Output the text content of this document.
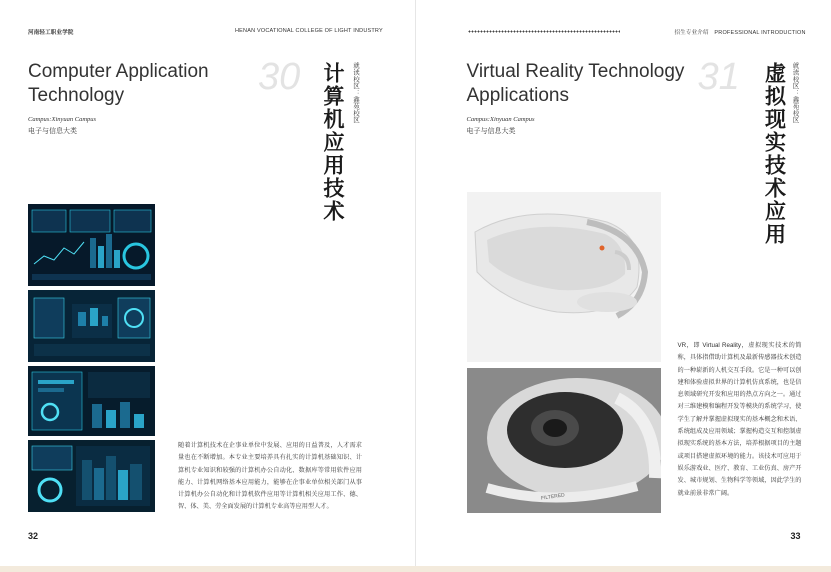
河南轻工职业学院	HENAN VOCATIONAL COLLEGE OF LIGHT INDUSTRY
Computer Application
Technology	30
Campus:Xinyuan Campus
电子与信息大类	计算机应用技术 就读校区：鑫苑校区
随着计算机技术在企事业单位中发展、应用的日益普及，人才需求量也在不断增加。本专业主要培养具有扎实的计算机基础知识、计算机专业知识和较强的计算机办公自动化、数据库等常用软件应用能力、计算机网络基本应用能力，能够在企事业单位相关部门从事计算机办公自动化和计算机软件应用等计算机相关应用工作、德、智、体、美、劳全面发展的计算机专业高等应用型人才。
32
招生专业介绍　PROFESSIONAL INTRODUCTION
Virtual Reality Technology
Applications	31
Campus:Xinyuan Campus
电子与信息大类	虚拟现实技术应用 就读校区：鑫苑校区
FILTERED
VR，即 Virtual Reality，虚拟现实技术的简称，具体指借助计算机及最新传感器技术创造的一种崭新的人机交互手段。它是一种可以创建和体验虚拟世界的计算机仿真系统，也是信息领域研究开发和应用的热点方向之一。通过对三维建模和编程开发等模块的系统学习，使学生了解并掌握虚拟现实的基本概念和术语、系统组成及应用领域；掌握构造交互和控制虚拟现实系统的基本方法，培养根据项目的主题或项目搭建虚拟环境的能力。该技术可应用于娱乐游戏业、医疗、教育、工业仿真、房产开发、城市规划、生物科学等领域，因此学生的就业前景非常广阔。
33
